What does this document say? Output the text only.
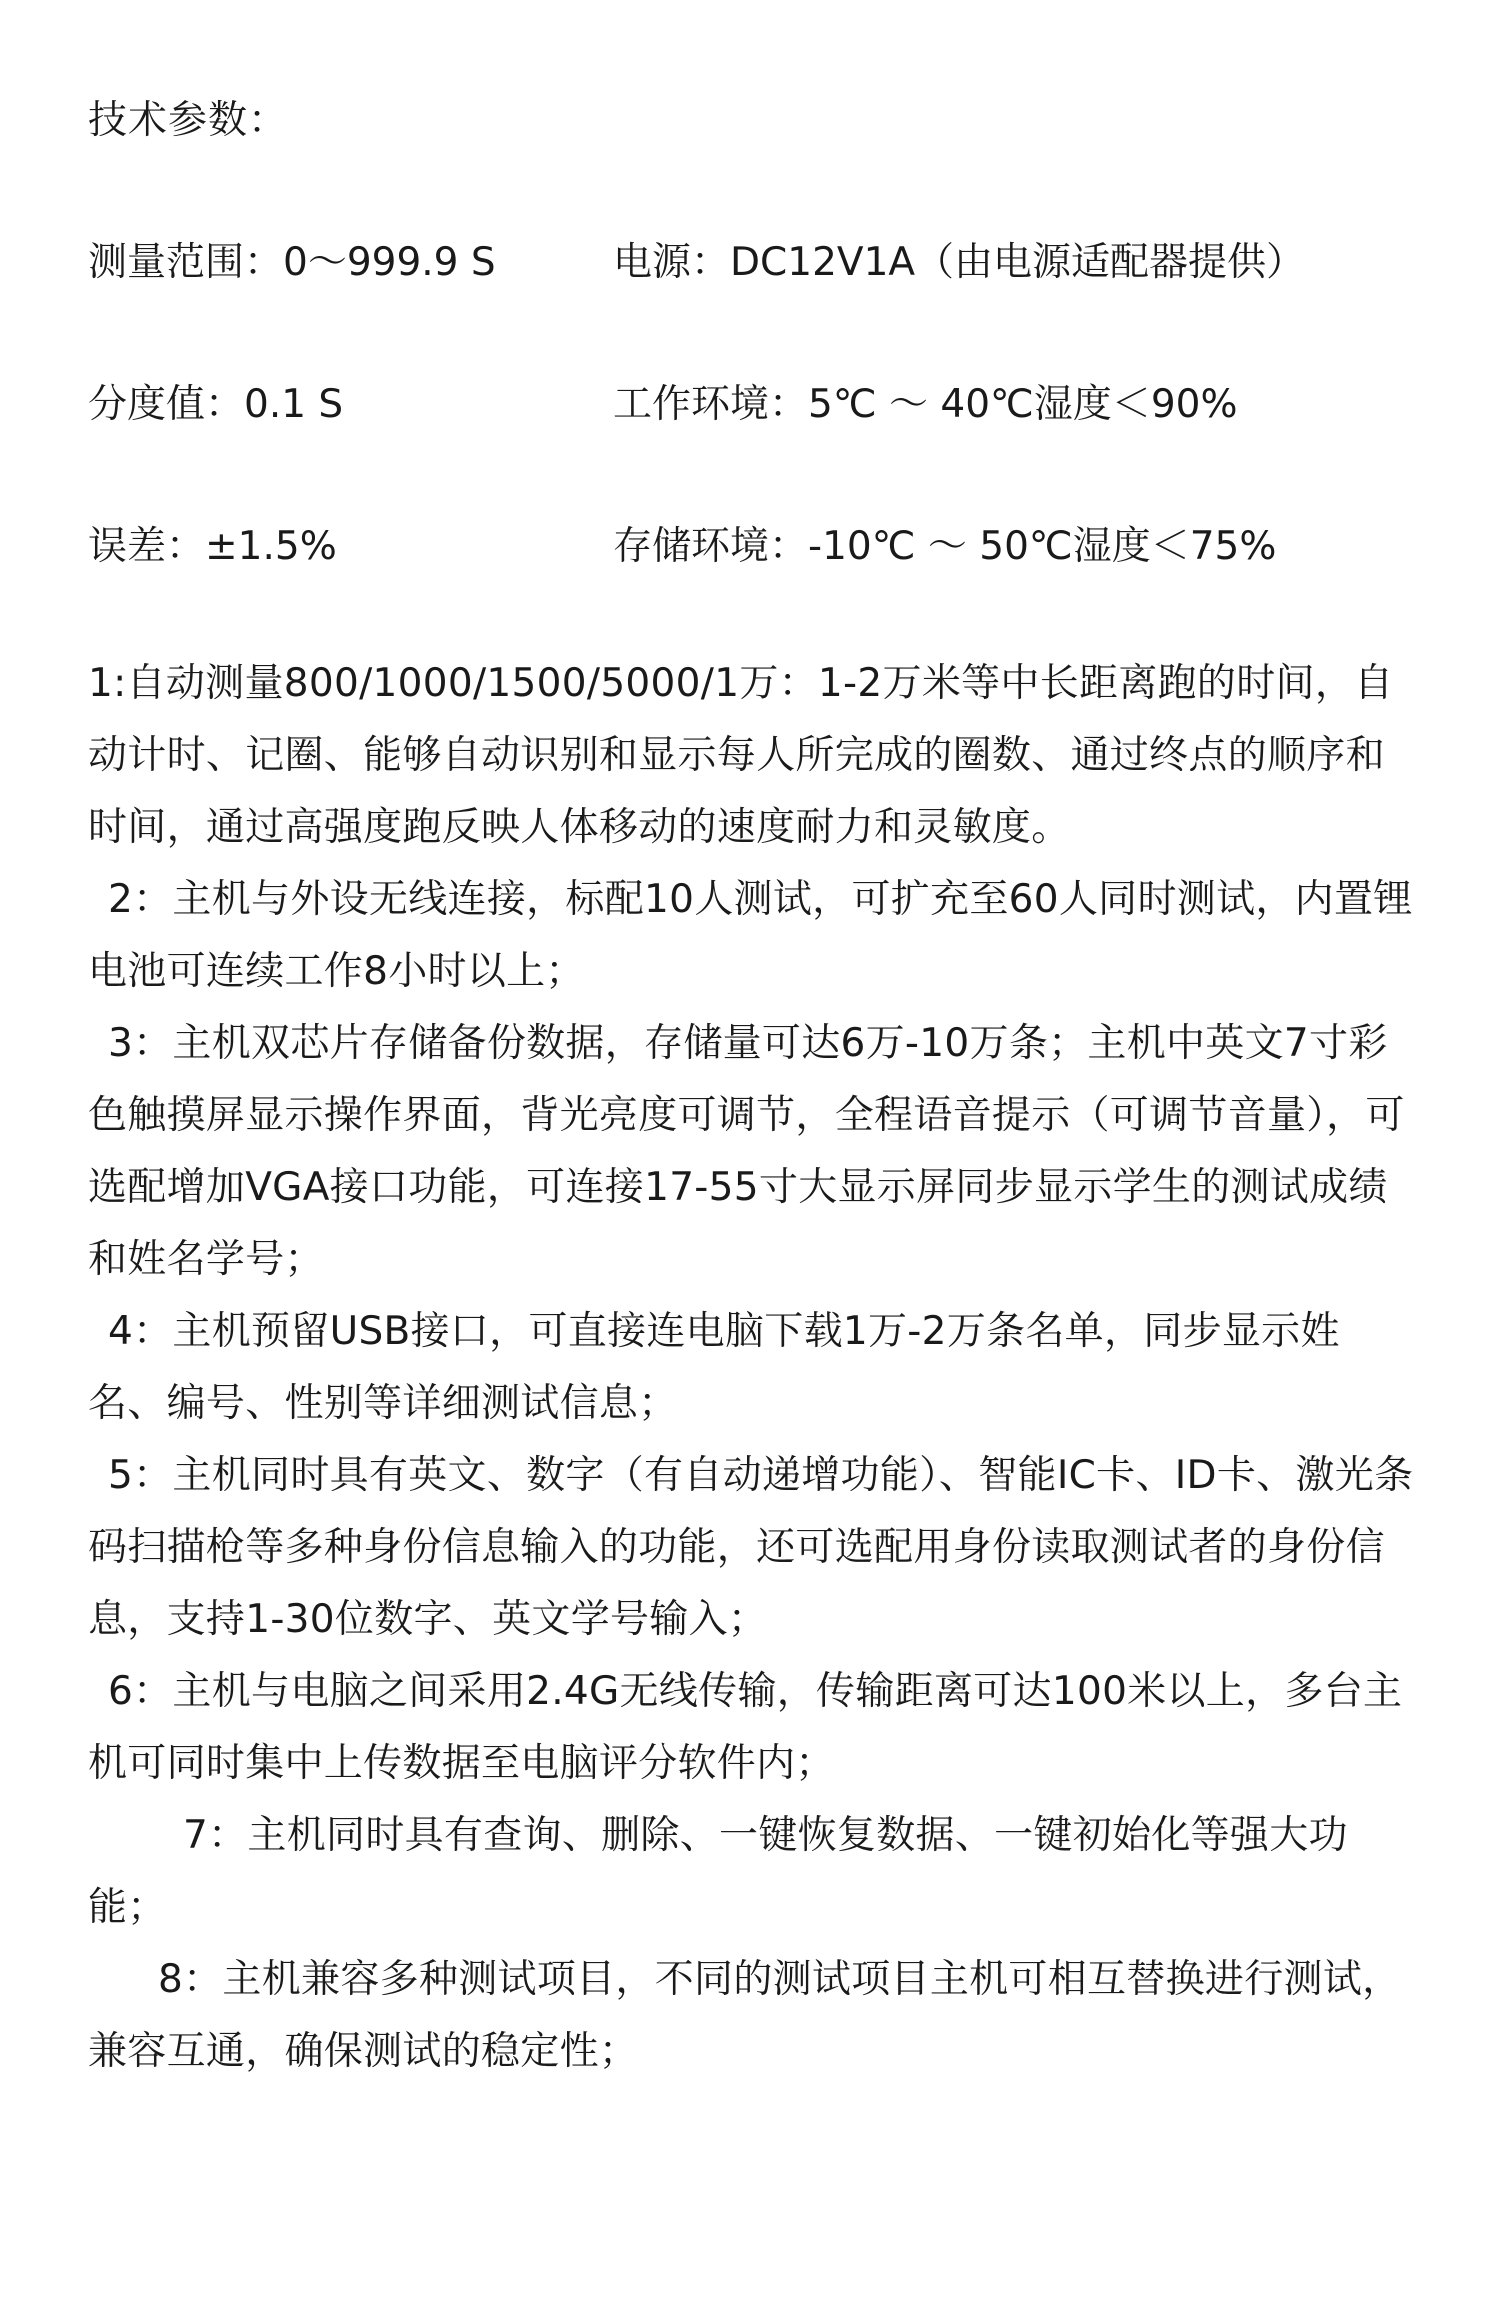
技术参数：
测量范围：0～999.9 S	电源：DC12V1A（由电源适配器提供）
分度值：0.1 S	工作环境：5℃ ～ 40℃湿度＜90%
误差：±1.5%	存储环境：-10℃ ～ 50℃湿度＜75%

1:自动测量800/1000/1500/5000/1万：1-2万米等中长距离跑的时间，自动计时、记圈、能够自动识别和显示每人所完成的圈数、通过终点的顺序和时间，通过高强度跑反映人体移动的速度耐力和灵敏度。

2：主机与外设无线连接，标配10人测试，可扩充至60人同时测试，内置锂电池可连续工作8小时以上；

3：主机双芯片存储备份数据，存储量可达6万-10万条；主机中英文7寸彩色触摸屏显示操作界面，背光亮度可调节，全程语音提示（可调节音量），可选配增加VGA接口功能，可连接17-55寸大显示屏同步显示学生的测试成绩和姓名学号；

4：主机预留USB接口，可直接连电脑下载1万-2万条名单，同步显示姓名、编号、性别等详细测试信息；

5：主机同时具有英文、数字（有自动递增功能）、智能IC卡、ID卡、激光条码扫描枪等多种身份信息输入的功能，还可选配用身份读取测试者的身份信息，支持1-30位数字、英文学号输入；

6：主机与电脑之间采用2.4G无线传输，传输距离可达100米以上，多台主机可同时集中上传数据至电脑评分软件内；

7：主机同时具有查询、删除、一键恢复数据、一键初始化等强大功能；

8：主机兼容多种测试项目，不同的测试项目主机可相互替换进行测试，兼容互通，确保测试的稳定性；
